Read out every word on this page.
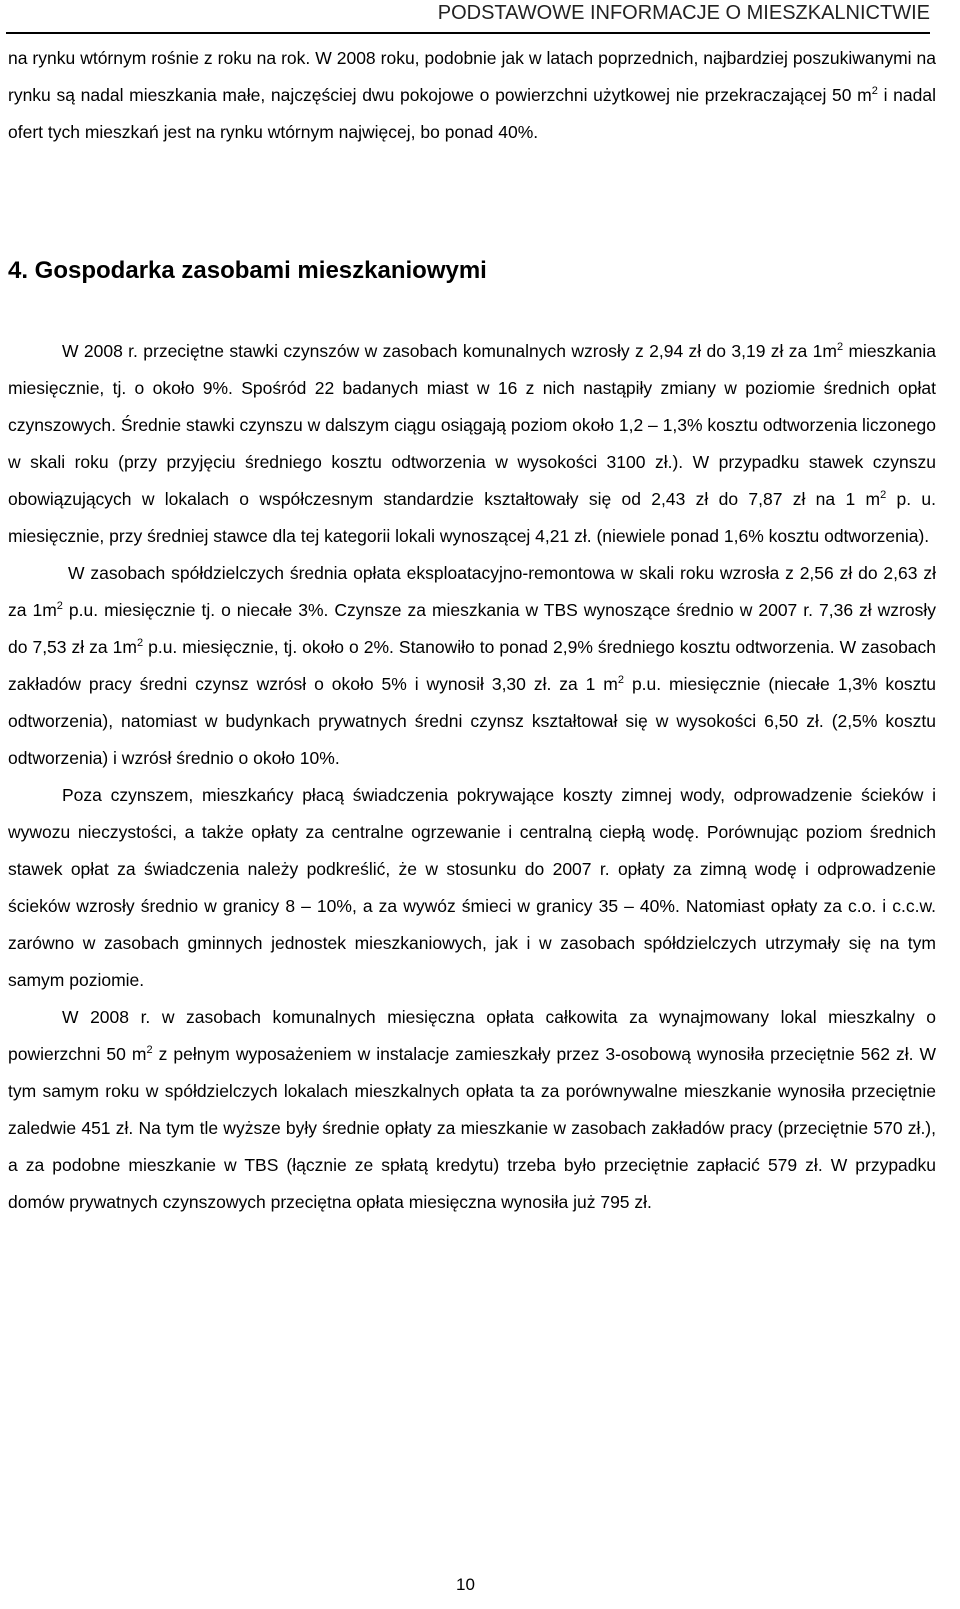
PODSTAWOWE INFORMACJE O MIESZKALNICTWIE

na rynku wtórnym rośnie z roku na rok. W 2008 roku, podobnie jak w latach poprzednich, najbardziej poszukiwanymi na rynku są nadal mieszkania małe, najczęściej dwu pokojowe o powierzchni użytkowej nie przekraczającej 50 $m^2$ i nadal ofert tych mieszkań jest na rynku wtórnym najwięcej, bo ponad 40%.

4. Gospodarka zasobami mieszkaniowymi

W 2008 r. przeciętne stawki czynszów w zasobach komunalnych wzrosły z 2,94 zł do 3,19 zł za $1m^2$ mieszkania miesięcznie, tj. o około 9%. Spośród 22 badanych miast w 16 z nich nastąpiły zmiany w poziomie średnich opłat czynszowych. Średnie stawki czynszu w dalszym ciągu osiągają poziom około 1,2 – 1,3% kosztu odtworzenia liczonego w skali roku (przy przyjęciu średniego kosztu odtworzenia w wysokości 3100 zł.). W przypadku stawek czynszu obowiązujących w lokalach o współczesnym standardzie kształtowały się od 2,43 zł do 7,87 zł na 1 $m^2$ p. u. miesięcznie, przy średniej stawce dla tej kategorii lokali wynoszącej 4,21 zł. (niewiele ponad 1,6% kosztu odtworzenia).

W zasobach spółdzielczych średnia opłata eksploatacyjno-remontowa w skali roku wzrosła z 2,56 zł do 2,63 zł za $1m^2$ p.u. miesięcznie tj. o niecałe 3%. Czynsze za mieszkania w TBS wynoszące średnio w 2007 r. 7,36 zł wzrosły do 7,53 zł za $1m^2$ p.u. miesięcznie, tj. około o 2%. Stanowiło to ponad 2,9% średniego kosztu odtworzenia. W zasobach zakładów pracy średni czynsz wzrósł o około 5% i wynosił 3,30 zł. za 1 $m^2$ p.u. miesięcznie (niecałe 1,3% kosztu odtworzenia), natomiast w budynkach prywatnych średni czynsz kształtował się w wysokości 6,50 zł. (2,5% kosztu odtworzenia) i wzrósł średnio o około 10%.

Poza czynszem, mieszkańcy płacą świadczenia pokrywające koszty zimnej wody, odprowadzenie ścieków i wywozu nieczystości, a także opłaty za centralne ogrzewanie i centralną ciepłą wodę. Porównując poziom średnich stawek opłat za świadczenia należy podkreślić, że w stosunku do 2007 r. opłaty za zimną wodę i odprowadzenie ścieków wzrosły średnio w granicy 8 – 10%, a za wywóz śmieci w granicy 35 – 40%. Natomiast opłaty za c.o. i c.c.w. zarówno w zasobach gminnych jednostek mieszkaniowych, jak i w zasobach spółdzielczych utrzymały się na tym samym poziomie.

W 2008 r. w zasobach komunalnych miesięczna opłata całkowita za wynajmowany lokal mieszkalny o powierzchni 50 $m^2$ z pełnym wyposażeniem w instalacje zamieszkały przez 3-osobową wynosiła przeciętnie 562 zł. W tym samym roku w spółdzielczych lokalach mieszkalnych opłata ta za porównywalne mieszkanie wynosiła przeciętnie zaledwie 451 zł. Na tym tle wyższe były średnie opłaty za mieszkanie w zasobach zakładów pracy (przeciętnie 570 zł.), a za podobne mieszkanie w TBS (łącznie ze spłatą kredytu) trzeba było przeciętnie zapłacić 579 zł. W przypadku domów prywatnych czynszowych przeciętna opłata miesięczna wynosiła już 795 zł.

10
